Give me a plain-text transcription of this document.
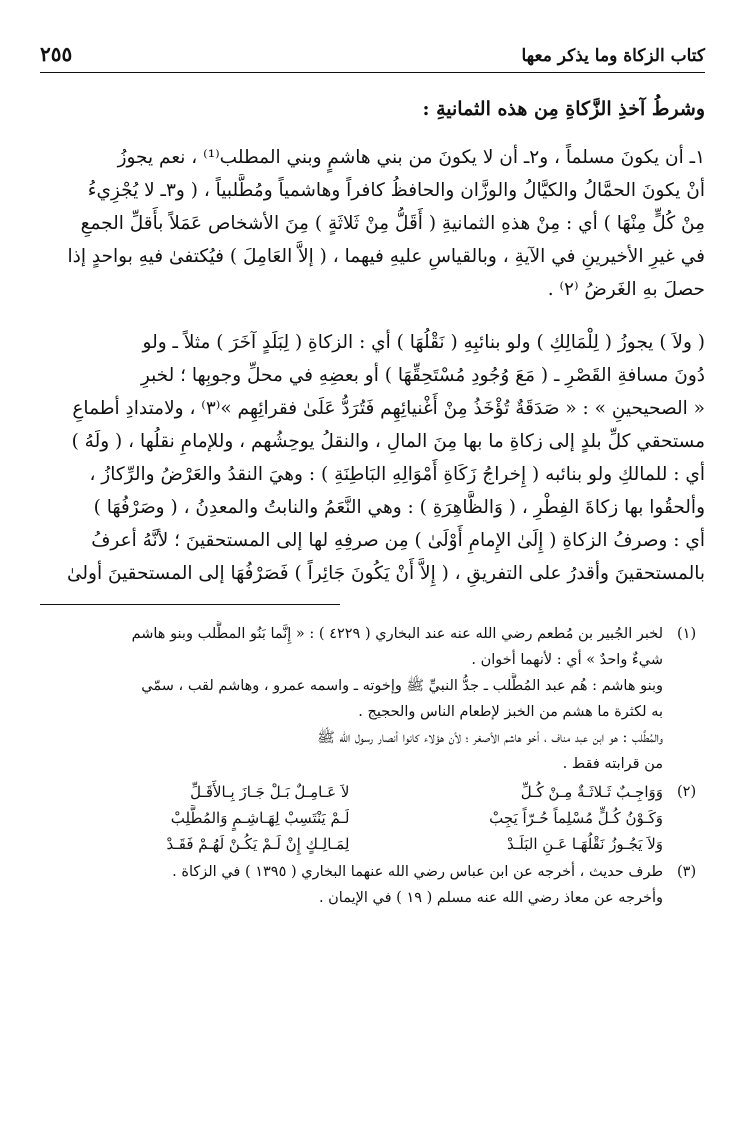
كتاب الزكاة وما يذكر معها
٢٥٥
وشرطُ آخذِ الزَّكاةِ مِن هذه الثمانيةِ :

١ـ أن يكونَ مسلماً ، و٢ـ أن لا يكونَ من بني هاشمٍ وبني المطلب⁽¹⁾ ، نعم يجوزُ
أنْ يكونَ الحمَّالُ والكيَّالُ والوزَّان والحافظُ كافراً وهاشمياً ومُطَّلبياً ، ( و٣ـ لا يُجْزِيءُ
مِنْ كُلٍّ مِنْهَا ) أي : مِنْ هذهِ الثمانيةِ ( أَقَلُّ مِنْ ثَلاثَةٍ ) مِنَ الأشخاص عَمَلاً بأَقلِّ الجمعِ
في غيرِ الأخيرينِ في الآيةِ ، وبالقياسِ عليهِ فيهما ، ( إلاَّ العَامِلَ ) فيُكتفىٰ فيهِ بواحدٍ إذا
حصلَ بهِ الغَرضُ ⁽٢⁾ .

( ولاَ ) يجوزُ ( لِلْمَالِكِ ) ولو بنائبِهِ ( نَقْلُهَا ) أي : الزكاةِ ( لِبَلَدٍ آخَرَ ) مثلاً ـ ولو
دُونَ مسافةِ القَصْرِ ـ ( مَعَ وُجُودِ مُسْتَحِقِّهَا ) أو بعضِهِ في محلِّ وجوبِها ؛ لخبرِ
« الصحيحينِ » : « صَدَقَةٌ تُؤْخَذُ مِنْ أَغْنيائِهِم فَتُرَدُّ عَلَىٰ فقرائِهِم »⁽٣⁾ ، ولامتدادِ أطماعِ
مستحقي كلِّ بلدٍ إلى زكاةِ ما بها مِنَ المالِ ، والنقلُ يوحِشُهم ، وللإمامِ نقلُها ، ( ولَهُ )
أي : للمالكِ ولو بنائبه ( إِخراجُ زَكَاةِ أَمْوَالِهِ البَاطِنَةِ ) : وهيَ النقدُ والعَرْضُ والرِّكازُ ،
وألحقُوا بها زكاةَ الفِطْرِ ، ( وَالظَّاهِرَةِ ) : وهي النَّعَمُ والنابتُ والمعدِنُ ، ( وصَرْفُهَا )
أي : وصرفُ الزكاةِ ( إِلَىٰ الإِمامِ أَوْلَىٰ ) مِن صرفِهِ لها إلى المستحقينَ ؛ لأنَّهُ أعرفُ
بالمستحقينَ وأقدرُ على التفريقِ ، ( إِلاَّ أَنْ يَكُونَ جَائِراً ) فَصَرْفُهَا إلى المستحقينَ أولىٰ

(١)
لخبر الجُبير بن مُطعم رضي الله عنه عند البخاري ( ٤٢٢٩ ) : « إِنَّما بَنُو المطَّلب وبنو هاشم
شيءٌ واحدٌ » أي : لأنهما أخوان .
وبنو هاشم : هُم عبد المُطَّلب ـ جدُّ النبيِّ ﷺ وإخوته ـ واسمه عمرو ، وهاشم لقب ، سمّي
به لكثرة ما هشم من الخبز لإطعام الناس والحجيج .
والمُطَّلب : هو ابن عبد مناف ، أخو هاشم الأصغر ؛ لأن هؤلاء كانوا أنصار رسول الله ﷺ
من قرابته فقط .
(٢)
وَوَاجِـبٌ ثَـلاثَـةٌ مِـنْ كُـلِّ
لاَ عَـامِـلٌ بَـلْ جَـازَ بِـالأَقَـلِّ
وَكَـوْنُ كُـلٍّ مُسْلِماً حُـرّاً يَجِبْ
لَـمْ يَنْتَسِبْ لِهَـاشِـمٍ وَالمُطَّلِبْ
وَلاَ يَجُـوزُ نَقْلُهَـا عَـنِ البَلَـدْ
لِمَـالِـكٍ إِنْ لَـمْ يَكُـنْ لَهُـمْ فَقَـدْ
(٣)
طرف حديث ، أخرجه عن ابن عباس رضي الله عنهما البخاري ( ١٣٩٥ ) في الزكاة .
وأخرجه عن معاذ رضي الله عنه مسلم ( ١٩ ) في الإيمان .
